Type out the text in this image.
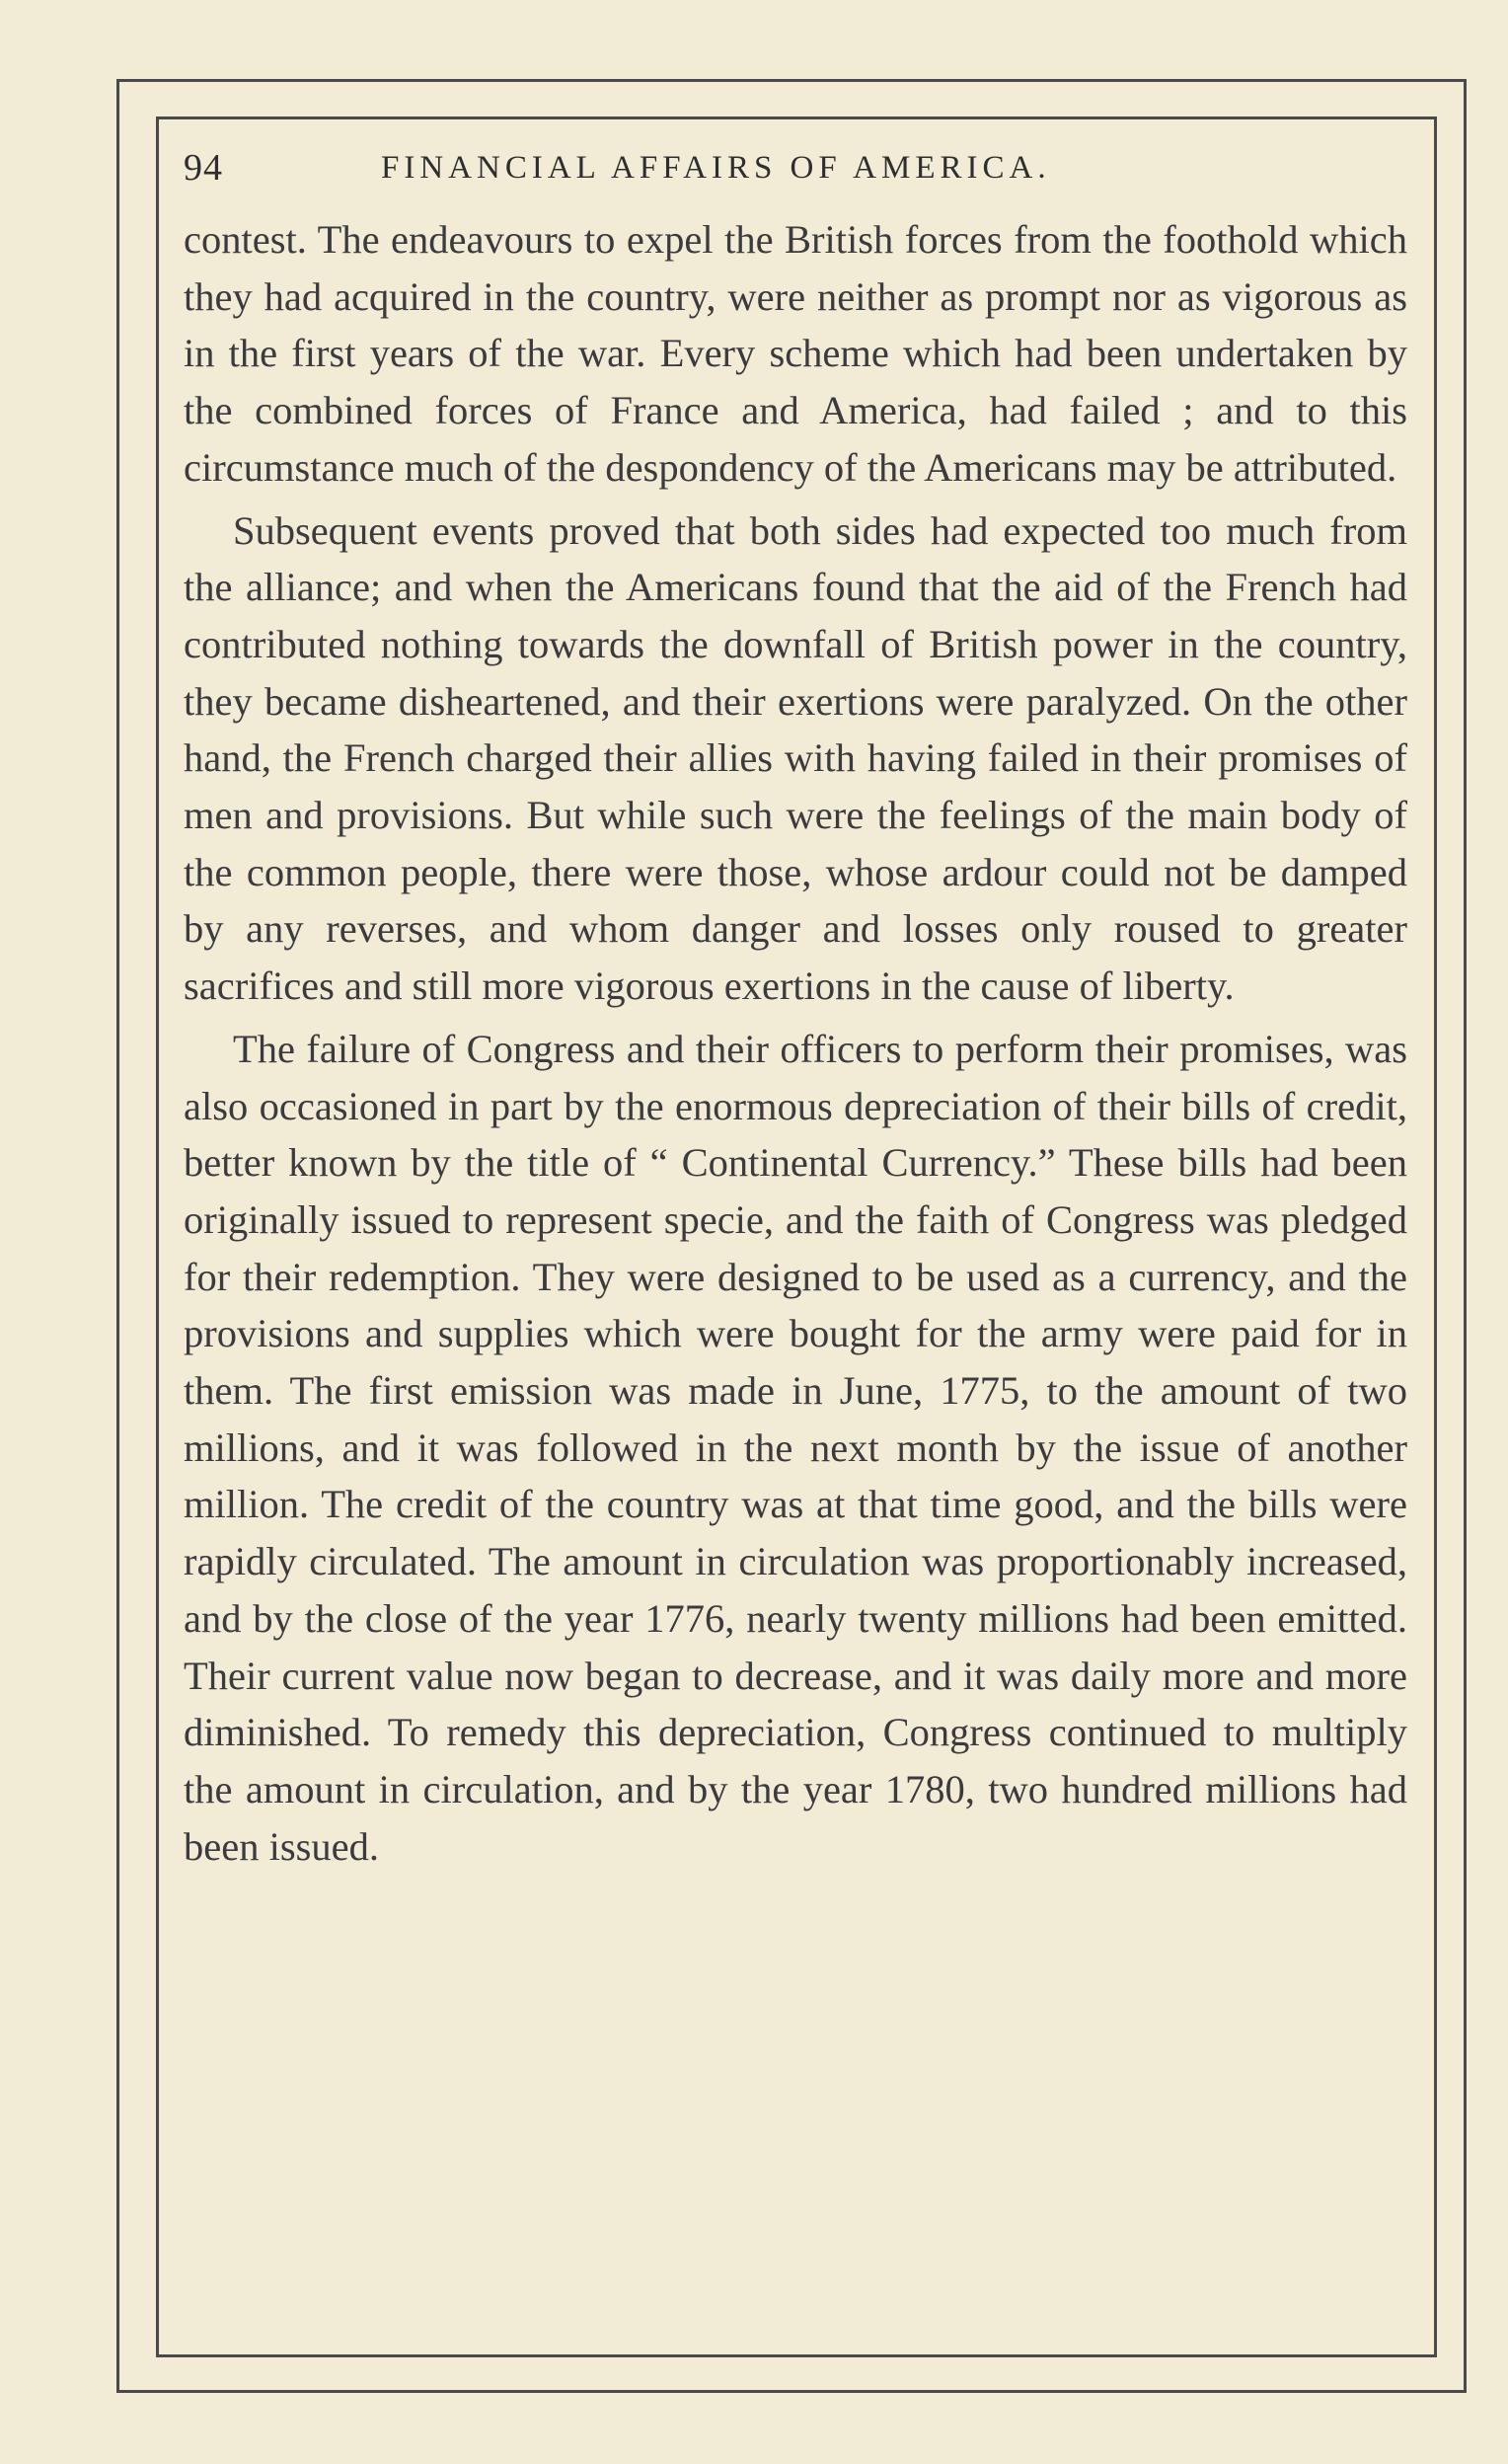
94	FINANCIAL AFFAIRS OF AMERICA.

contest. The endeavours to expel the British forces from the foothold which they had acquired in the country, were neither as prompt nor as vigorous as in the first years of the war. Every scheme which had been undertaken by the combined forces of France and America, had failed ; and to this circumstance much of the despondency of the Americans may be attributed.

Subsequent events proved that both sides had expected too much from the alliance; and when the Americans found that the aid of the French had contributed nothing towards the downfall of British power in the country, they became disheartened, and their exertions were paralyzed. On the other hand, the French charged their allies with having failed in their promises of men and provisions. But while such were the feelings of the main body of the common people, there were those, whose ardour could not be damped by any reverses, and whom danger and losses only roused to greater sacrifices and still more vigorous exertions in the cause of liberty.

The failure of Congress and their officers to perform their promises, was also occasioned in part by the enormous depreciation of their bills of credit, better known by the title of “ Continental Currency.” These bills had been originally issued to represent specie, and the faith of Congress was pledged for their redemption. They were designed to be used as a currency, and the provisions and supplies which were bought for the army were paid for in them. The first emission was made in June, 1775, to the amount of two millions, and it was followed in the next month by the issue of another million. The credit of the country was at that time good, and the bills were rapidly circulated. The amount in circulation was proportionably increased, and by the close of the year 1776, nearly twenty millions had been emitted. Their current value now began to decrease, and it was daily more and more diminished. To remedy this depreciation, Congress continued to multiply the amount in circulation, and by the year 1780, two hundred millions had been issued.
